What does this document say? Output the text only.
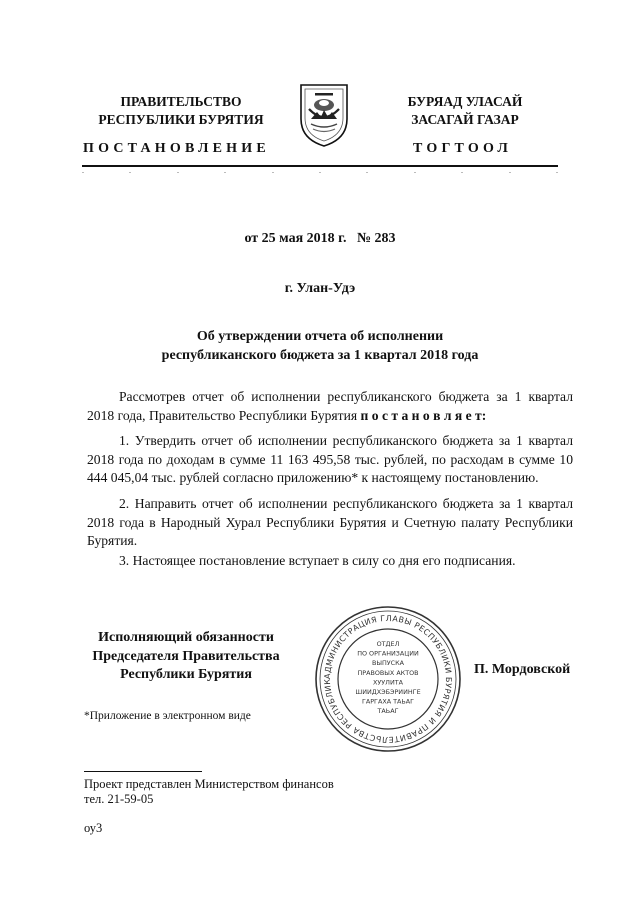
ПРАВИТЕЛЬСТВО
РЕСПУБЛИКИ БУРЯТИЯ
БУРЯАД УЛАСАЙ
ЗАСАГАЙ ГАЗАР
ПОСТАНОВЛЕНИЕ	ТОГТООЛ
от 25 мая 2018 г.   № 283
г. Улан-Удэ
Об утверждении отчета об исполнении
республиканского бюджета за 1 квартал 2018 года
Рассмотрев отчет об исполнении республиканского бюджета за 1 квартал 2018 года, Правительство Республики Бурятия п о с т а н о в л я е т:
1. Утвердить отчет об исполнении республиканского бюджета за 1 квартал 2018 года по доходам в сумме 11 163 495,58 тыс. рублей, по расходам в сумме 10 444 045,04 тыс. рублей согласно приложению* к настоящему постановлению.
2. Направить отчет об исполнении республиканского бюджета за 1 квартал 2018 года в Народный Хурал Республики Бурятия и Счетную палату Республики Бурятия.
3. Настоящее постановление вступает в силу со дня его подписания.
Исполняющий обязанности
Председателя Правительства
Республики Бурятия	П. Мордовской
АДМИНИСТРАЦИЯ ГЛАВЫ РЕСПУБЛИКИ БУРЯТИЯ И ПРАВИТЕЛЬСТВА РЕСПУБЛИК
ОТДЕЛ
ПО ОРГАНИЗАЦИИ
ВЫПУСКА
ПРАВОВЫХ АКТОВ
ХУУЛИТА
ШИИДХЭБЭРИИНГЕ
ГАРГАХА ТАЬАГ
ТАЬАГ
*Приложение в электронном виде
Проект представлен Министерством финансов
тел. 21-59-05
оу3
